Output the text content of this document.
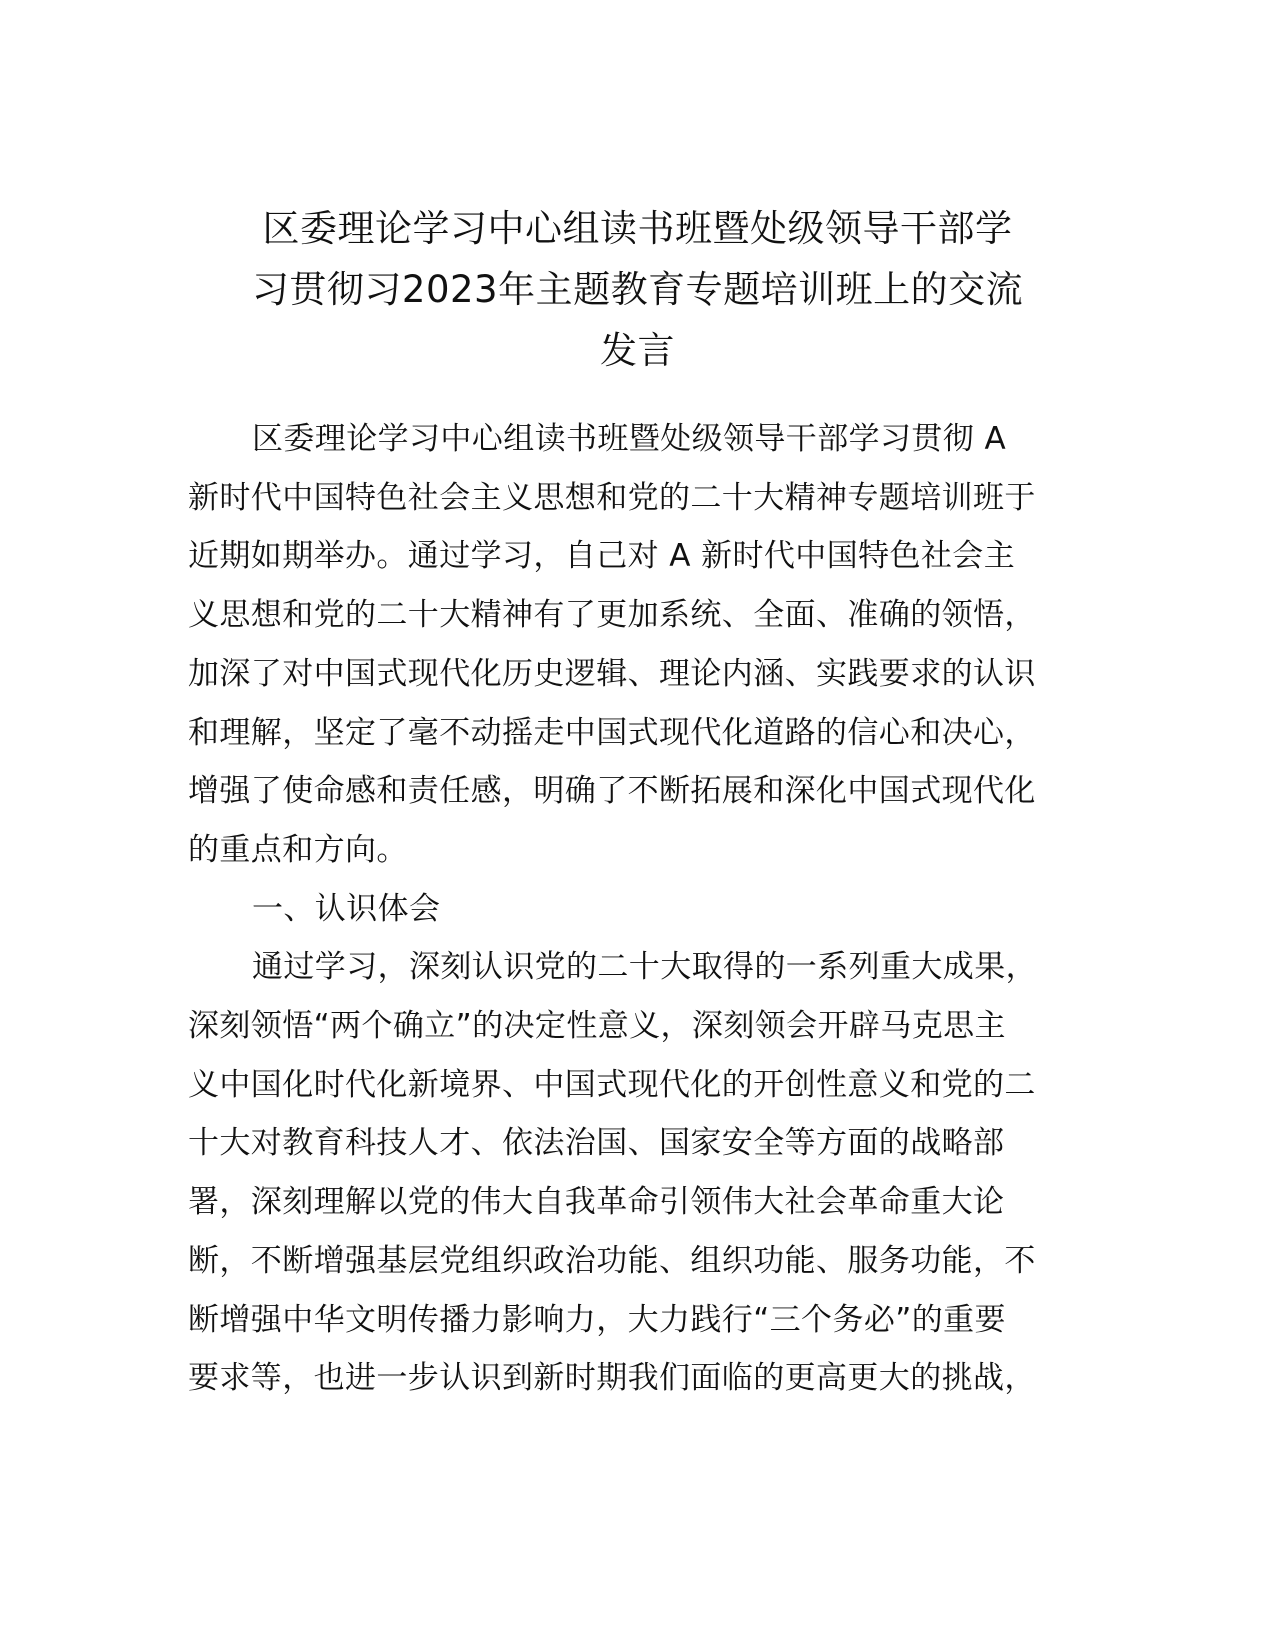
区委理论学习中心组读书班暨处级领导干部学
习贯彻习2023年主题教育专题培训班上的交流
发言
区委理论学习中心组读书班暨处级领导干部学习贯彻 A
新时代中国特色社会主义思想和党的二十大精神专题培训班于
近期如期举办。通过学习，自己对 A 新时代中国特色社会主
义思想和党的二十大精神有了更加系统、全面、准确的领悟，
加深了对中国式现代化历史逻辑、理论内涵、实践要求的认识
和理解，坚定了毫不动摇走中国式现代化道路的信心和决心，
增强了使命感和责任感，明确了不断拓展和深化中国式现代化
的重点和方向。
一、认识体会
通过学习，深刻认识党的二十大取得的一系列重大成果，
深刻领悟“两个确立”的决定性意义，深刻领会开辟马克思主
义中国化时代化新境界、中国式现代化的开创性意义和党的二
十大对教育科技人才、依法治国、国家安全等方面的战略部
署，深刻理解以党的伟大自我革命引领伟大社会革命重大论
断，不断增强基层党组织政治功能、组织功能、服务功能，不
断增强中华文明传播力影响力，大力践行“三个务必”的重要
要求等，也进一步认识到新时期我们面临的更高更大的挑战，
